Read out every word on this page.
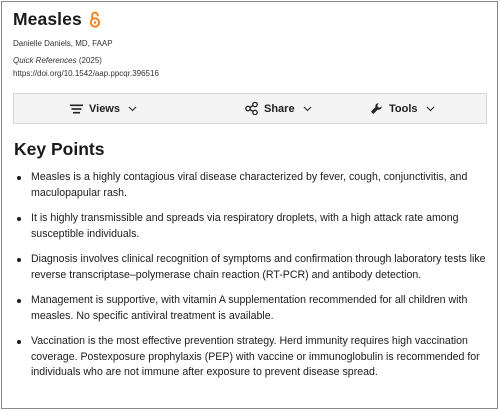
Measles
Danielle Daniels, MD, FAAP
Quick References (2025)
https://doi.org/10.1542/aap.ppcqr.396516
Views	Share	Tools
Key Points
Measles is a highly contagious viral disease characterized by fever, cough, conjunctivitis, and maculopapular rash.
It is highly transmissible and spreads via respiratory droplets, with a high attack rate among susceptible individuals.
Diagnosis involves clinical recognition of symptoms and confirmation through laboratory tests like reverse transcriptase–polymerase chain reaction (RT-PCR) and antibody detection.
Management is supportive, with vitamin A supplementation recommended for all children with measles. No specific antiviral treatment is available.
Vaccination is the most effective prevention strategy. Herd immunity requires high vaccination coverage. Postexposure prophylaxis (PEP) with vaccine or immunoglobulin is recommended for individuals who are not immune after exposure to prevent disease spread.
